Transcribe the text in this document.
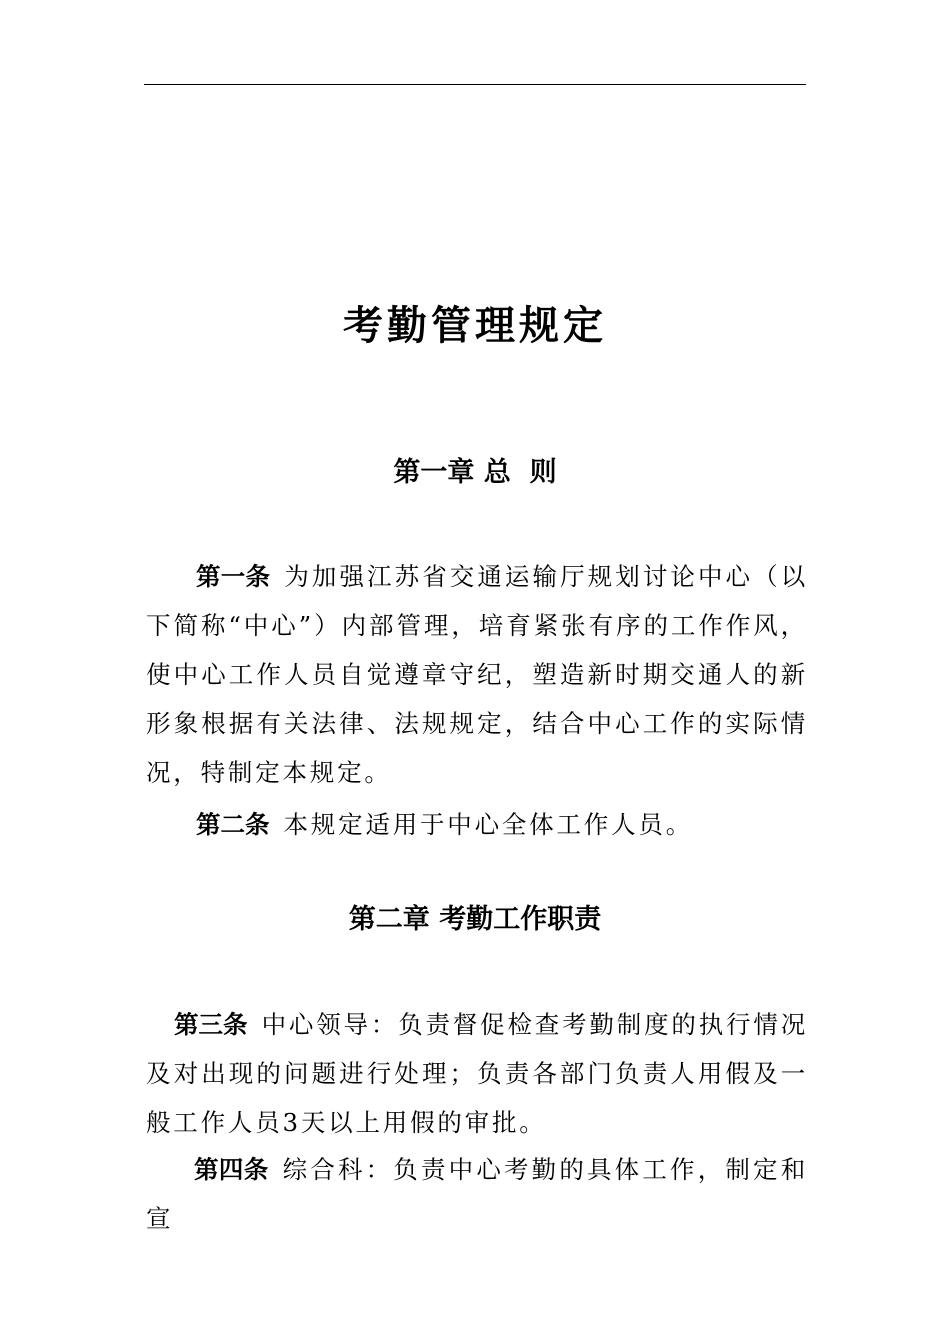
考勤管理规定
第一章 总  则

第一条 为加强江苏省交通运输厅规划讨论中心（以下简称“中心”）内部管理，培育紧张有序的工作作风，使中心工作人员自觉遵章守纪，塑造新时期交通人的新形象根据有关法律、法规规定，结合中心工作的实际情况，特制定本规定。

第二条 本规定适用于中心全体工作人员。

第二章 考勤工作职责

第三条 中心领导：负责督促检查考勤制度的执行情况及对出现的问题进行处理；负责各部门负责人用假及一般工作人员3天以上用假的审批。

第四条 综合科：负责中心考勤的具体工作，制定和宣
